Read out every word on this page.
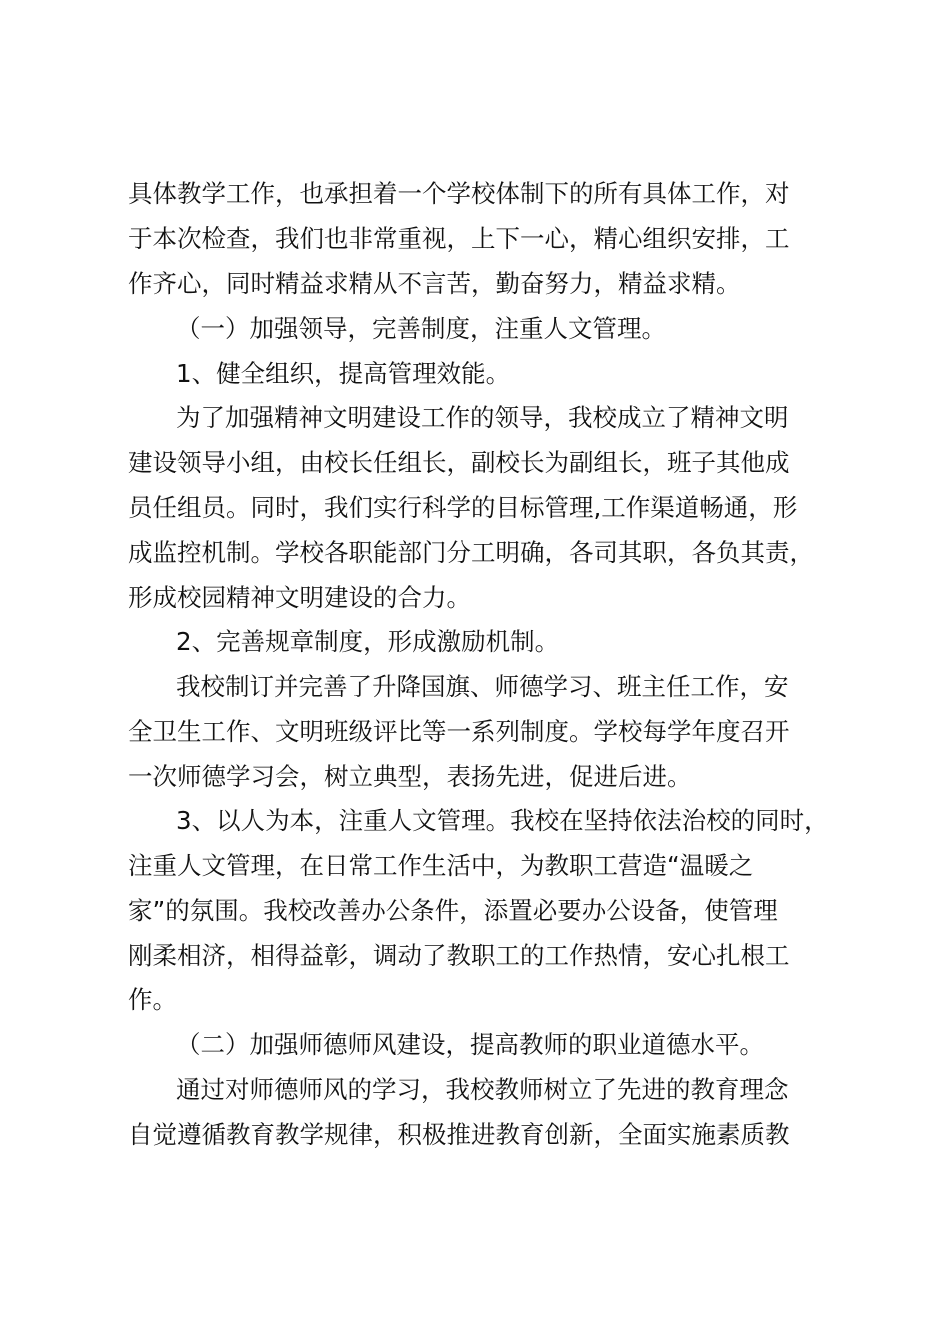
具体教学工作，也承担着一个学校体制下的所有具体工作，对
于本次检查，我们也非常重视，上下一心，精心组织安排，工
作齐心，同时精益求精从不言苦，勤奋努力，精益求精。
（一）加强领导，完善制度，注重人文管理。
1、健全组织，提高管理效能。
为了加强精神文明建设工作的领导，我校成立了精神文明
建设领导小组，由校长任组长，副校长为副组长，班子其他成
员任组员。同时，我们实行科学的目标管理,工作渠道畅通，形
成监控机制。学校各职能部门分工明确，各司其职，各负其责，
形成校园精神文明建设的合力。
2、完善规章制度，形成激励机制。
我校制订并完善了升降国旗、师德学习、班主任工作，安
全卫生工作、文明班级评比等一系列制度。学校每学年度召开
一次师德学习会，树立典型，表扬先进，促进后进。
3、以人为本，注重人文管理。我校在坚持依法治校的同时，
注重人文管理，在日常工作生活中，为教职工营造“温暖之
家”的氛围。我校改善办公条件，添置必要办公设备，使管理
刚柔相济，相得益彰，调动了教职工的工作热情，安心扎根工
作。
（二）加强师德师风建设，提高教师的职业道德水平。
通过对师德师风的学习，我校教师树立了先进的教育理念
自觉遵循教育教学规律，积极推进教育创新，全面实施素质教
